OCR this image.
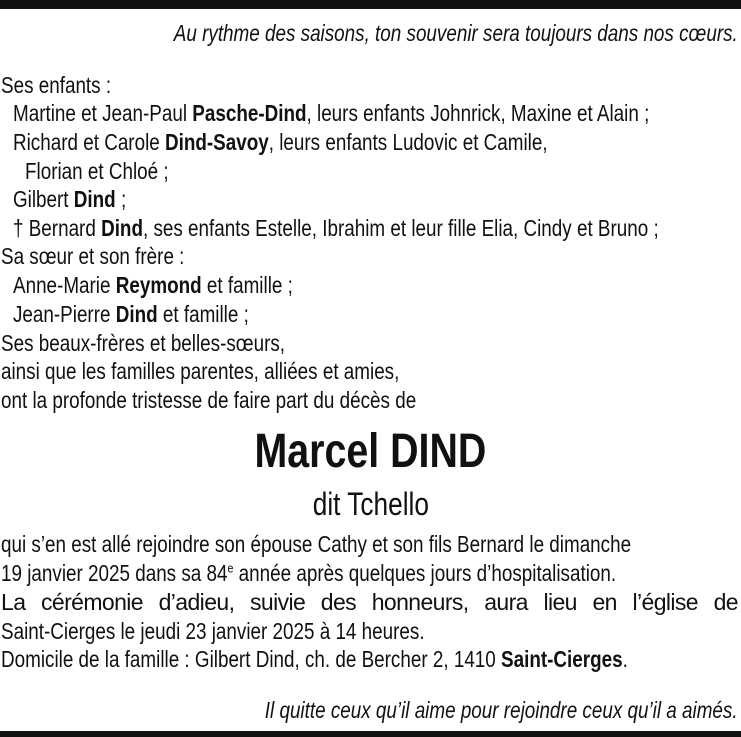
Au rythme des saisons, ton souvenir sera toujours dans nos cœurs.
Ses enfants :
Martine et Jean-Paul Pasche-Dind, leurs enfants Johnrick, Maxine et Alain ;
Richard et Carole Dind-Savoy, leurs enfants Ludovic et Camile,
Florian et Chloé ;
Gilbert Dind ;
† Bernard Dind, ses enfants Estelle, Ibrahim et leur fille Elia, Cindy et Bruno ;
Sa sœur et son frère :
Anne-Marie Reymond et famille ;
Jean-Pierre Dind et famille ;
Ses beaux-frères et belles-sœurs,
ainsi que les familles parentes, alliées et amies,
ont la profonde tristesse de faire part du décès de
Marcel DIND
dit Tchello
qui s’en est allé rejoindre son épouse Cathy et son fils Bernard le dimanche
19 janvier 2025 dans sa 84e année après quelques jours d’hospitalisation.
La cérémonie d’adieu, suivie des honneurs, aura lieu en l’église de
Saint-Cierges le jeudi 23 janvier 2025 à 14 heures.
Domicile de la famille : Gilbert Dind, ch. de Bercher 2, 1410 Saint-Cierges.
Il quitte ceux qu’il aime pour rejoindre ceux qu’il a aimés.
